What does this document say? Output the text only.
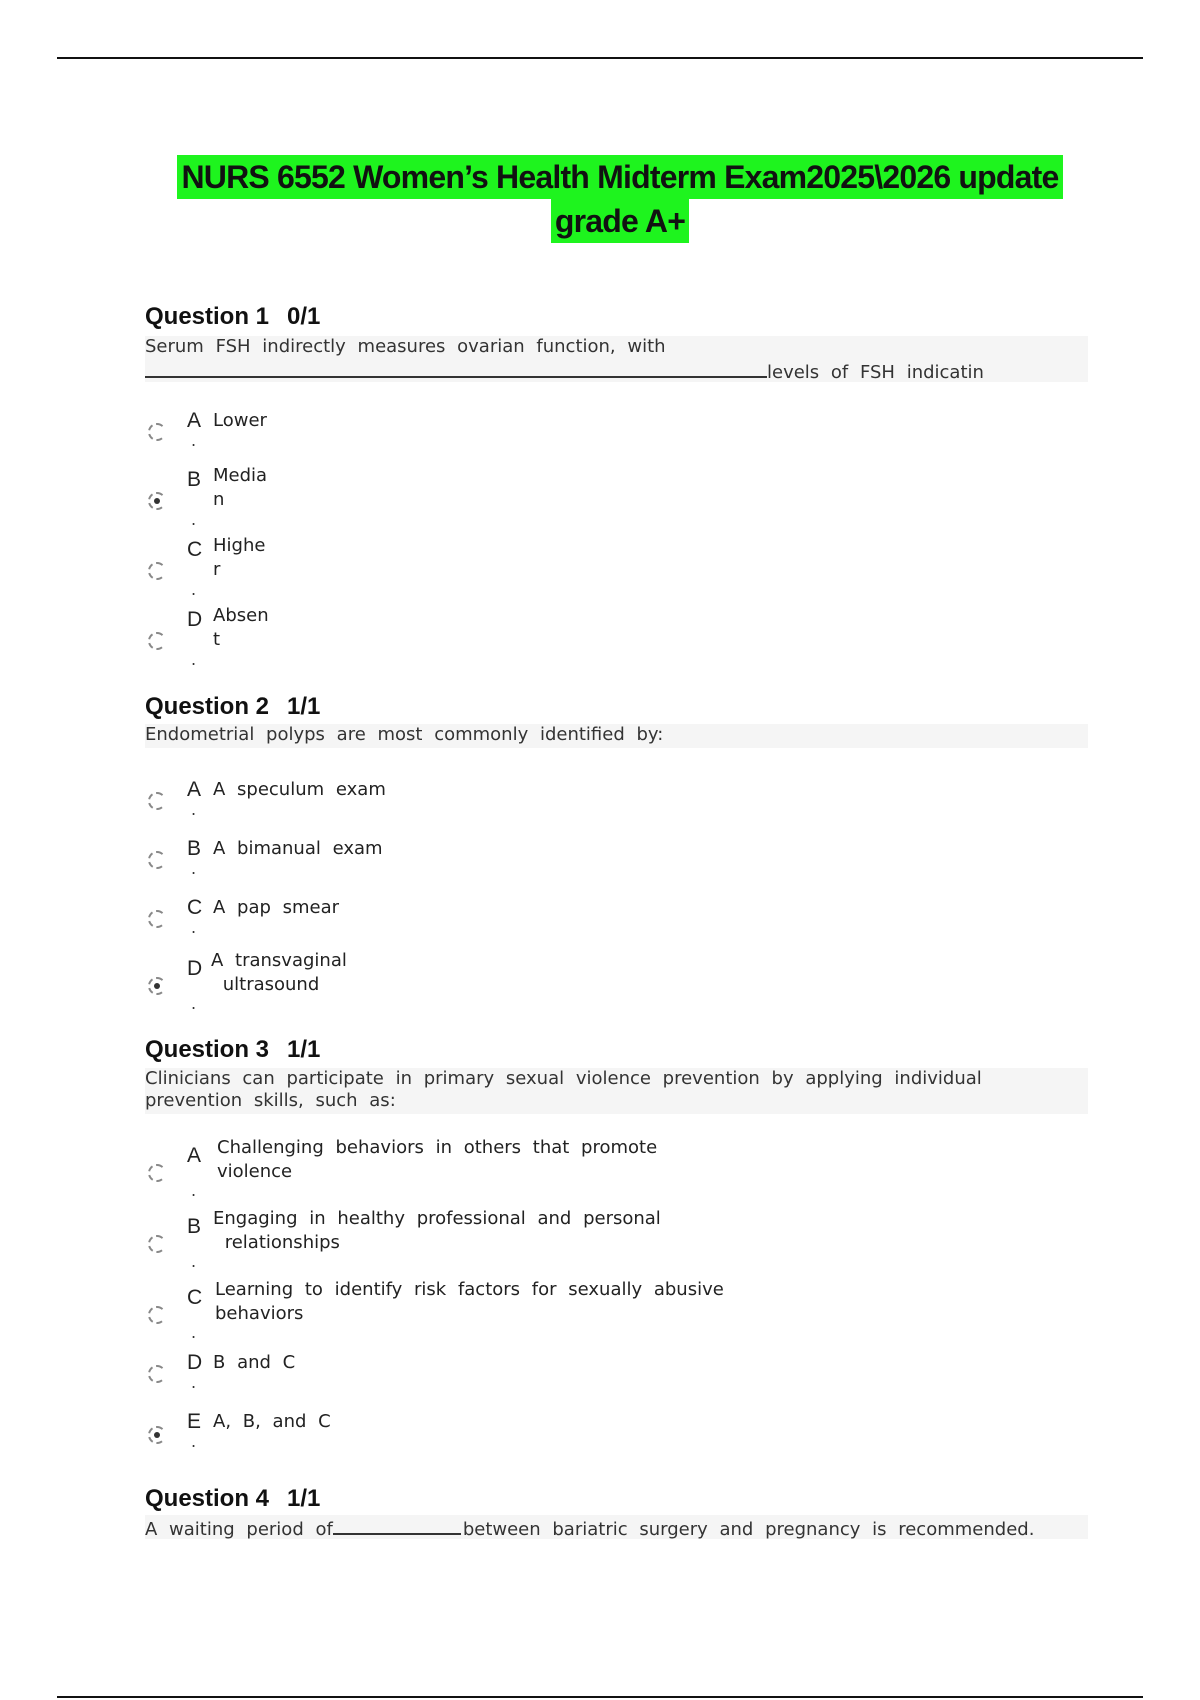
NURS 6552 Women’s Health Midterm Exam2025\2026 update
grade A+
Question 1 0/1
Serum FSH indirectly measures ovarian function, with
levels of FSH indicatin
A
.
Lower
B
.
Media
n
C
.
Highe
r
D
.
Absen
t
Question 2 1/1
Endometrial polyps are most commonly identified by:
A
.
A speculum exam
B
.
A bimanual exam
C
.
A pap smear
D
.
A transvaginal
ultrasound
Question 3 1/1
Clinicians can participate in primary sexual violence prevention by applying individual prevention skills, such as:
A
.
Challenging behaviors in others that promote
violence
B
.
Engaging in healthy professional and personal
relationships
C
.
Learning to identify risk factors for sexually abusive
behaviors
D
.
B and C
E
.
A, B, and C
Question 4 1/1
A waiting period of	between bariatric surgery and pregnancy is recommended.
